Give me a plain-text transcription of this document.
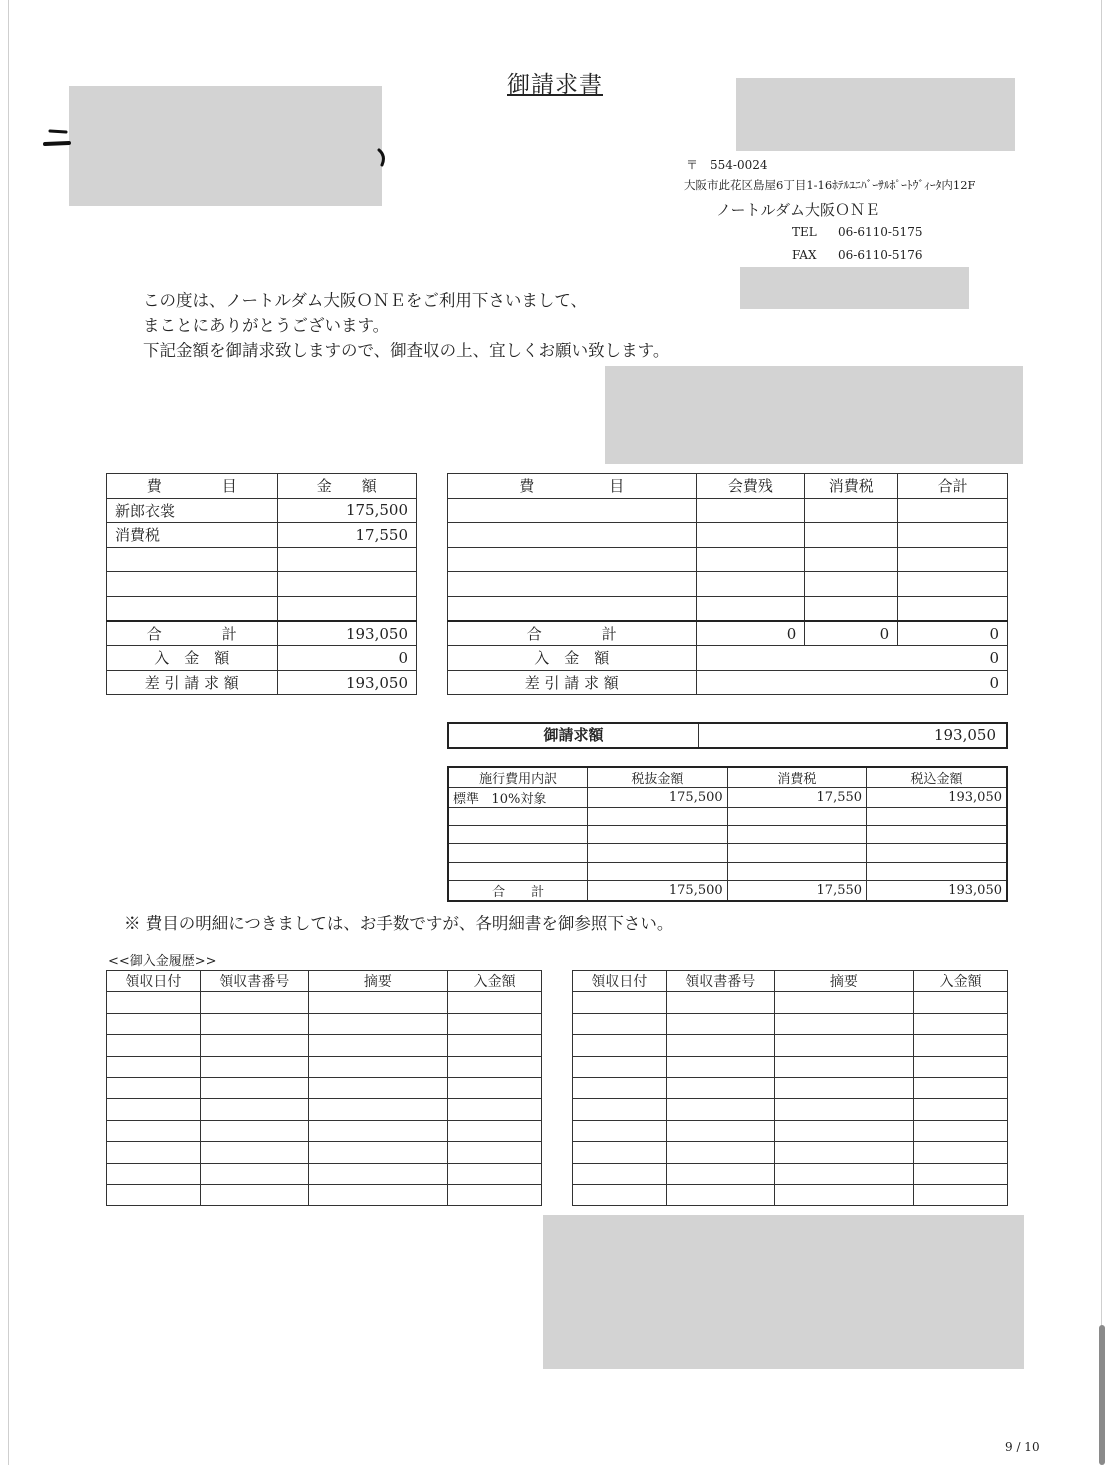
御請求書
〒　554-0024
大阪市此花区島屋6丁目1-16ﾎﾃﾙﾕﾆﾊﾞｰｻﾙﾎﾟｰﾄｳﾞｨｰﾀ内12F
ノートルダム大阪ＯＮＥ
TEL 06-6110-5175
FAX 06-6110-5176
この度は、ノートルダム大阪ＯＮＥをご利用下さいまして、
まことにありがとうございます。
下記金額を御請求致しますので、御査収の上、宜しくお願い致します。
費　　　　目	金　　額
新郎衣裳	175,500
消費税	17,550

合　　　　計	193,050
入　金　額	0
差 引 請 求 額	193,050
費　　　　　目	会費残	消費税	合計

合　　　　計	0	0	0
入　金　額	0		
差 引 請 求 額	0		
御請求額	193,050
施行費用内訳	税抜金額	消費税	税込金額
標準 10%対象	175,500	17,550	193,050

合　　計	175,500	17,550	193,050
※ 費目の明細につきましては、お手数ですが、各明細書を御参照下さい。
<<御入金履歴>>
領収日付	領収書番号	摘要	入金額

				領収日付	領収書番号	摘要	入金額

9 / 10
